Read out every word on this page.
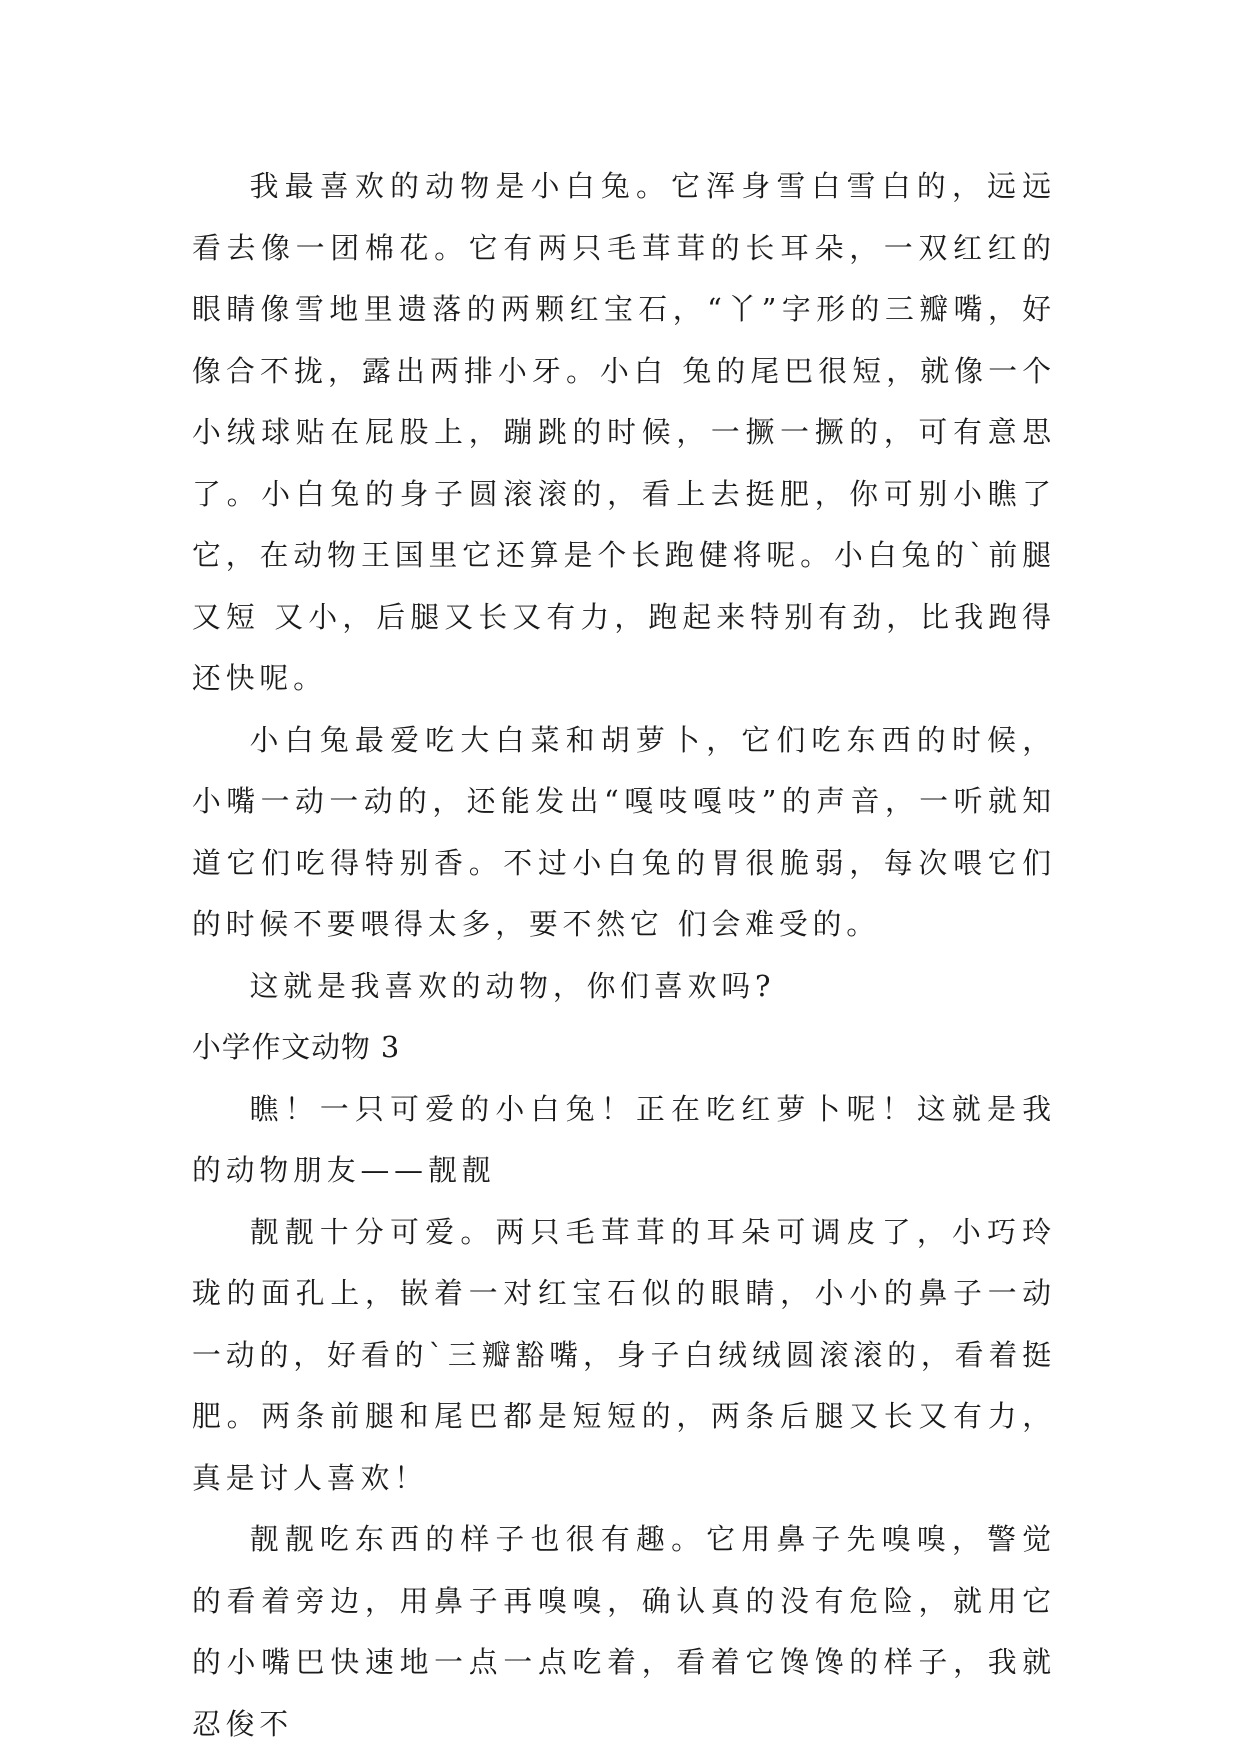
我最喜欢的动物是小白兔。它浑身雪白雪白的，远远看去像一团棉花。它有两只毛茸茸的长耳朵，一双红红的眼睛像雪地里遗落的两颗红宝石，“丫”字形的三瓣嘴，好像合不拢，露出两排小牙。小白 兔的尾巴很短，就像一个小绒球贴在屁股上，蹦跳的时候，一撅一撅的，可有意思了。小白兔的身子圆滚滚的，看上去挺肥，你可别小瞧了它，在动物王国里它还算是个长跑健将呢。小白兔的`前腿又短 又小，后腿又长又有力，跑起来特别有劲，比我跑得还快呢。

小白兔最爱吃大白菜和胡萝卜，它们吃东西的时候，小嘴一动一动的，还能发出“嘎吱嘎吱”的声音，一听就知道它们吃得特别香。不过小白兔的胃很脆弱，每次喂它们的时候不要喂得太多，要不然它 们会难受的。

这就是我喜欢的动物，你们喜欢吗?

小学作文动物 3

瞧！一只可爱的小白兔！正在吃红萝卜呢！这就是我的动物朋友——靓靓

靓靓十分可爱。两只毛茸茸的耳朵可调皮了，小巧玲珑的面孔上，嵌着一对红宝石似的眼睛，小小的鼻子一动一动的，好看的`三瓣豁嘴，身子白绒绒圆滚滚的，看着挺肥。两条前腿和尾巴都是短短的，两条后腿又长又有力，真是讨人喜欢！

靓靓吃东西的样子也很有趣。它用鼻子先嗅嗅，警觉的看着旁边，用鼻子再嗅嗅，确认真的没有危险，就用它的小嘴巴快速地一点一点吃着，看着它馋馋的样子，我就忍俊不
